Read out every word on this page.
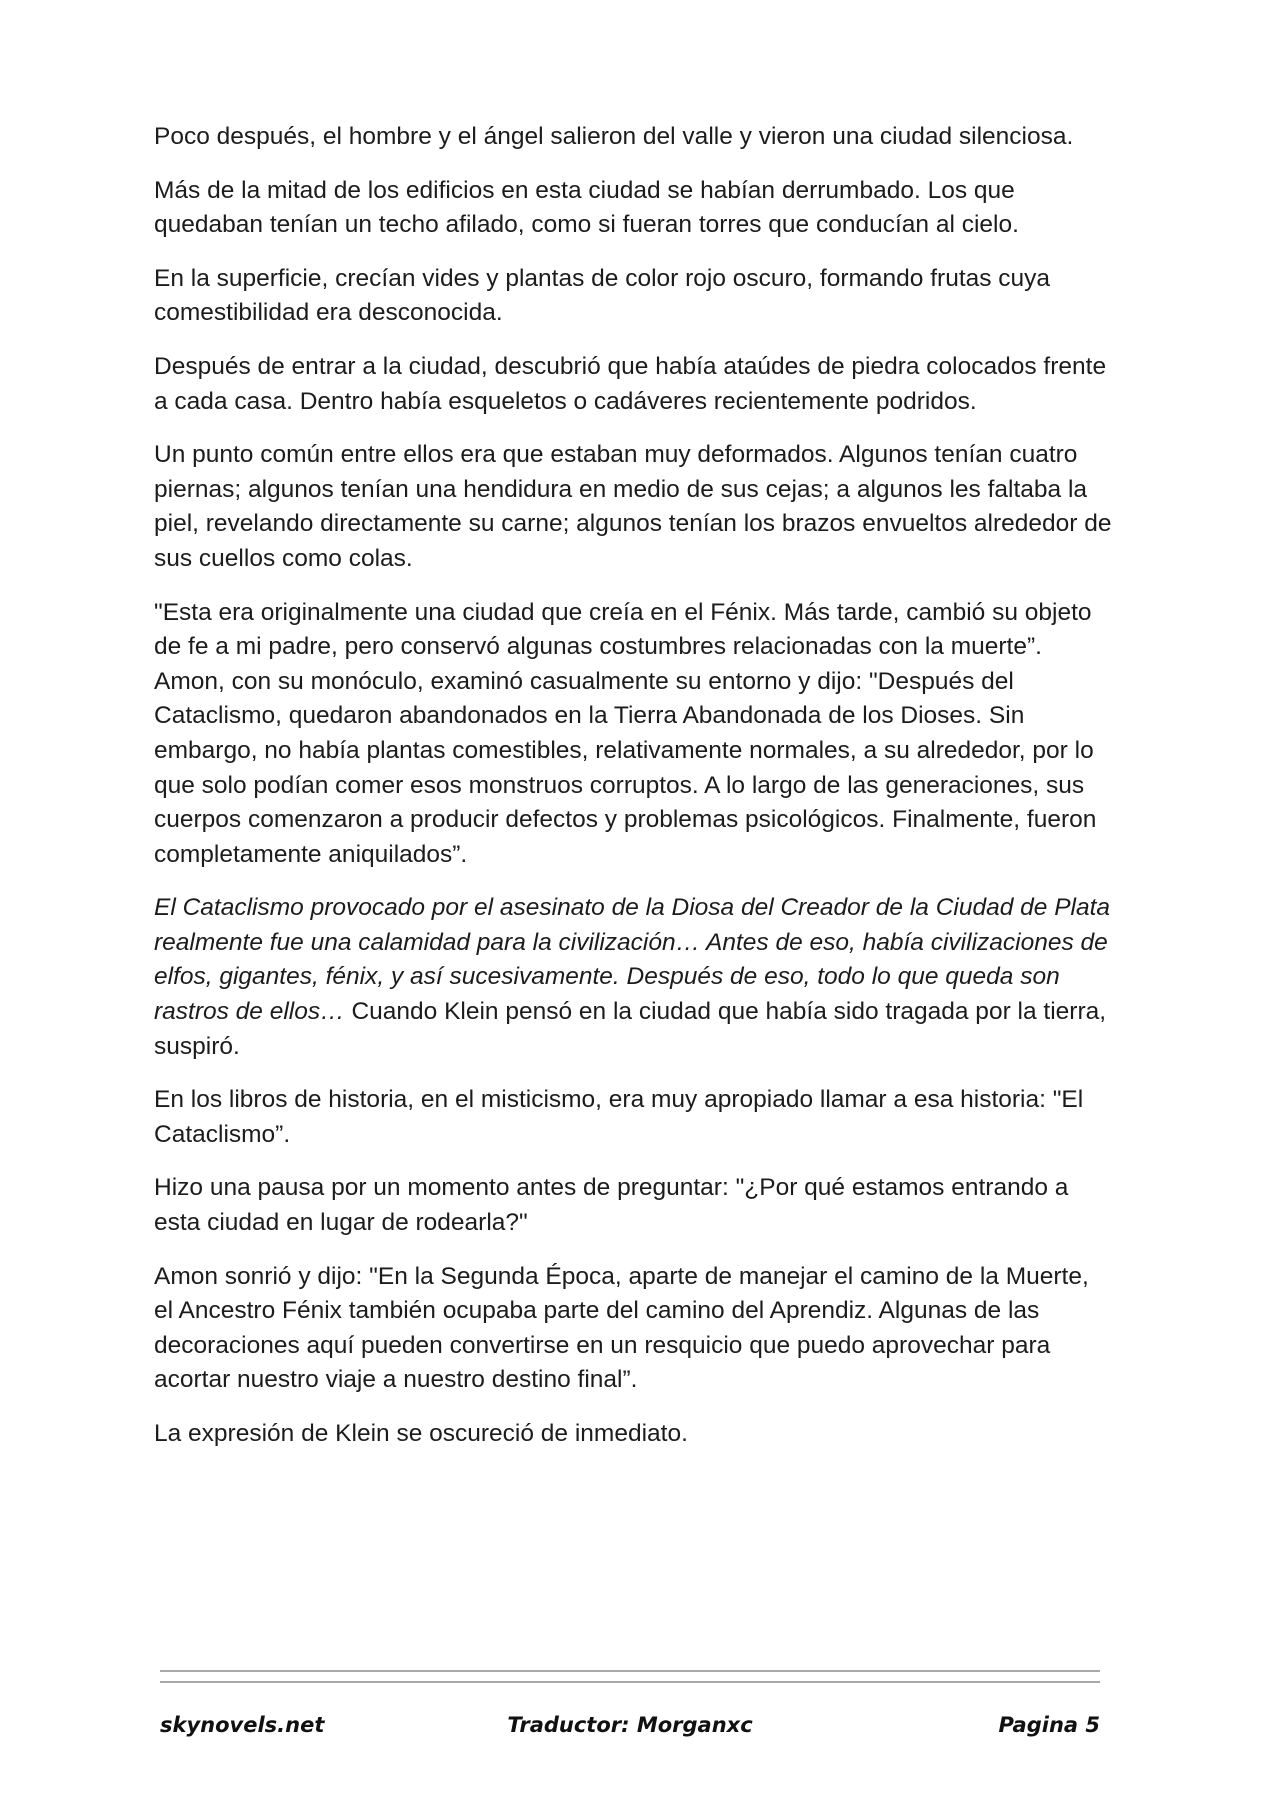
Poco después, el hombre y el ángel salieron del valle y vieron una ciudad silenciosa.

Más de la mitad de los edificios en esta ciudad se habían derrumbado. Los que quedaban tenían un techo afilado, como si fueran torres que conducían al cielo.

En la superficie, crecían vides y plantas de color rojo oscuro, formando frutas cuya comestibilidad era desconocida.

Después de entrar a la ciudad, descubrió que había ataúdes de piedra colocados frente a cada casa. Dentro había esqueletos o cadáveres recientemente podridos.

Un punto común entre ellos era que estaban muy deformados. Algunos tenían cuatro piernas; algunos tenían una hendidura en medio de sus cejas; a algunos les faltaba la piel, revelando directamente su carne; algunos tenían los brazos envueltos alrededor de sus cuellos como colas.

"Esta era originalmente una ciudad que creía en el Fénix. Más tarde, cambió su objeto de fe a mi padre, pero conservó algunas costumbres relacionadas con la muerte”. Amon, con su monóculo, examinó casualmente su entorno y dijo: "Después del Cataclismo, quedaron abandonados en la Tierra Abandonada de los Dioses. Sin embargo, no había plantas comestibles, relativamente normales, a su alrededor, por lo que solo podían comer esos monstruos corruptos. A lo largo de las generaciones, sus cuerpos comenzaron a producir defectos y problemas psicológicos. Finalmente, fueron completamente aniquilados”.

El Cataclismo provocado por el asesinato de la Diosa del Creador de la Ciudad de Plata realmente fue una calamidad para la civilización… Antes de eso, había civilizaciones de elfos, gigantes, fénix, y así sucesivamente. Después de eso, todo lo que queda son rastros de ellos… Cuando Klein pensó en la ciudad que había sido tragada por la tierra, suspiró.

En los libros de historia, en el misticismo, era muy apropiado llamar a esa historia: "El Cataclismo”.

Hizo una pausa por un momento antes de preguntar: "¿Por qué estamos entrando a esta ciudad en lugar de rodearla?"

Amon sonrió y dijo: "En la Segunda Época, aparte de manejar el camino de la Muerte, el Ancestro Fénix también ocupaba parte del camino del Aprendiz. Algunas de las decoraciones aquí pueden convertirse en un resquicio que puedo aprovechar para acortar nuestro viaje a nuestro destino final”.

La expresión de Klein se oscureció de inmediato.

skynovels.net	Traductor: Morganxc	Pagina 5
